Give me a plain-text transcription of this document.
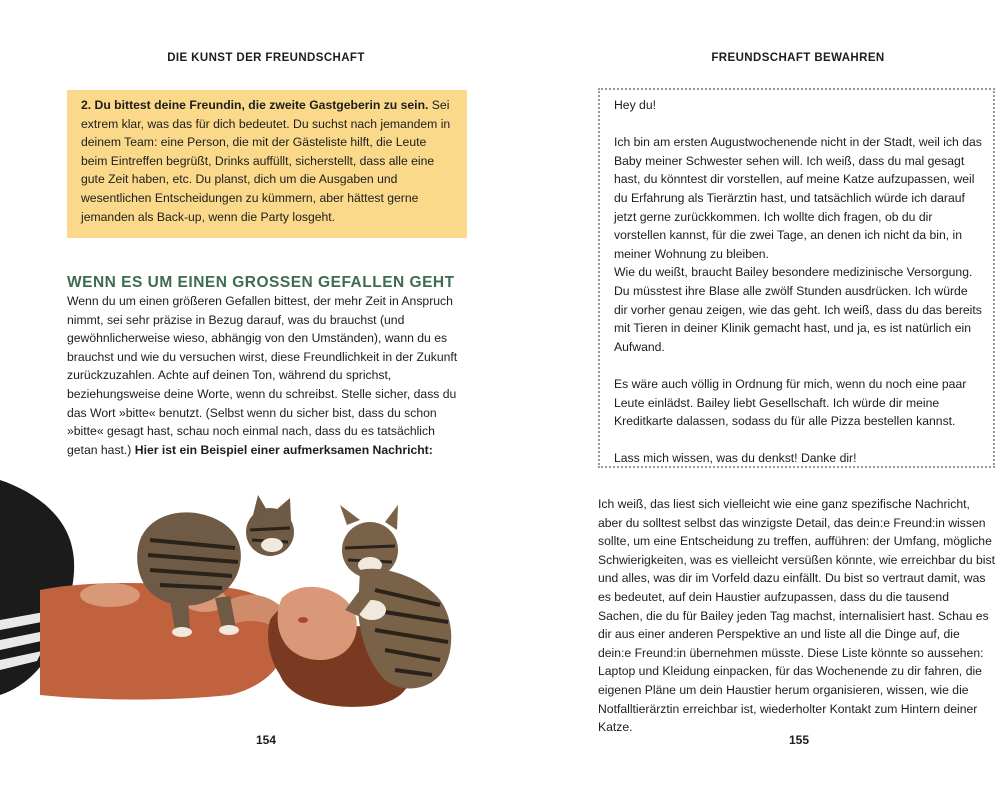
DIE KUNST DER FREUNDSCHAFT

2. Du bittest deine Freundin, die zweite Gastgeberin zu sein. Sei extrem klar, was das für dich bedeutet. Du suchst nach jemandem in deinem Team: eine Person, die mit der Gästeliste hilft, die Leute beim Eintreffen begrüßt, Drinks auffüllt, sicherstellt, dass alle eine gute Zeit haben, etc. Du planst, dich um die Ausgaben und wesentlichen Entscheidungen zu kümmern, aber hättest gerne jemanden als Back-up, wenn die Party losgeht.

WENN ES UM EINEN GROSSEN GEFALLEN GEHT

Wenn du um einen größeren Gefallen bittest, der mehr Zeit in Anspruch nimmt, sei sehr präzise in Bezug darauf, was du brauchst (und gewöhnlicherweise wieso, abhängig von den Umständen), wann du es brauchst und wie du versuchen wirst, diese Freundlichkeit in der Zukunft zurückzuzahlen. Achte auf deinen Ton, während du sprichst, beziehungsweise deine Worte, wenn du schreibst. Stelle sicher, dass du das Wort »bitte« benutzt. (Selbst wenn du sicher bist, dass du schon »bitte« gesagt hast, schau noch einmal nach, dass du es tatsächlich getan hast.) Hier ist ein Beispiel einer aufmerksamen Nachricht:

154
FREUNDSCHAFT BEWAHREN

Hey du!

Ich bin am ersten Augustwochenende nicht in der Stadt, weil ich das Baby meiner Schwester sehen will. Ich weiß, dass du mal gesagt hast, du könntest dir vorstellen, auf meine Katze aufzupassen, weil du Erfahrung als Tierärztin hast, und tatsächlich würde ich darauf jetzt gerne zurückkommen. Ich wollte dich fragen, ob du dir vorstellen kannst, für die zwei Tage, an denen ich nicht da bin, in meiner Wohnung zu bleiben.

Wie du weißt, braucht Bailey besondere medizinische Versorgung. Du müsstest ihre Blase alle zwölf Stunden ausdrücken. Ich würde dir vorher genau zeigen, wie das geht. Ich weiß, dass du das bereits mit Tieren in deiner Klinik gemacht hast, und ja, es ist natürlich ein Aufwand.

Es wäre auch völlig in Ordnung für mich, wenn du noch eine paar Leute einlädst. Bailey liebt Gesellschaft. Ich würde dir meine Kreditkarte dalassen, sodass du für alle Pizza bestellen kannst.

Lass mich wissen, was du denkst! Danke dir!

Ich weiß, das liest sich vielleicht wie eine ganz spezifische Nachricht, aber du solltest selbst das winzigste Detail, das dein:e Freund:in wissen sollte, um eine Entscheidung zu treffen, aufführen: der Umfang, mögliche Schwierigkeiten, was es vielleicht versüßen könnte, wie erreichbar du bist und alles, was dir im Vorfeld dazu einfällt. Du bist so vertraut damit, was es bedeutet, auf dein Haustier aufzupassen, dass du die tausend Sachen, die du für Bailey jeden Tag machst, internalisiert hast. Schau es dir aus einer anderen Perspektive an und liste all die Dinge auf, die dein:e Freund:in übernehmen müsste. Diese Liste könnte so aussehen: Laptop und Kleidung einpacken, für das Wochenende zu dir fahren, die eigenen Pläne um dein Haustier herum organisieren, wissen, wie die Notfalltierärztin erreichbar ist, wiederholter Kontakt zum Hintern deiner Katze.

155
